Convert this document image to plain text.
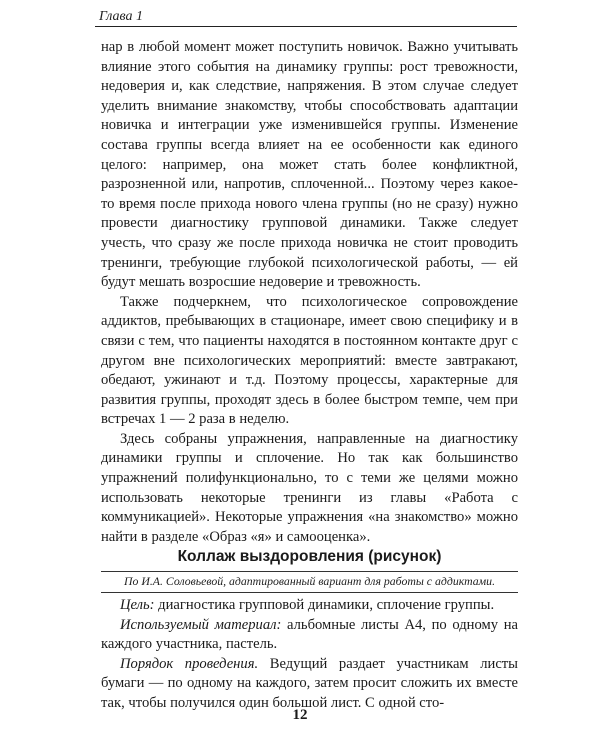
Глава 1

нар в любой момент может поступить новичок. Важно учитывать влияние этого события на динамику группы: рост тревожности, недоверия и, как следствие, напряжения. В этом случае следует уделить внимание знакомству, чтобы способствовать адаптации новичка и интеграции уже изменившейся группы. Изменение состава группы всегда влияет на ее особенности как единого целого: например, она может стать более конфликтной, разрозненной или, напротив, сплоченной... Поэтому через какое-то время после прихода нового члена группы (но не сразу) нужно провести диагностику групповой динамики. Также следует учесть, что сразу же после прихода новичка не стоит проводить тренинги, требующие глубокой психологической работы, — ей будут мешать возросшие недоверие и тревожность.

Также подчеркнем, что психологическое сопровождение аддиктов, пребывающих в стационаре, имеет свою специфику и в связи с тем, что пациенты находятся в постоянном контакте друг с другом вне психологических мероприятий: вместе завтракают, обедают, ужинают и т.д. Поэтому процессы, характерные для развития группы, проходят здесь в более быстром темпе, чем при встречах 1 — 2 раза в неделю.

Здесь собраны упражнения, направленные на диагностику динамики группы и сплочение. Но так как большинство упражнений полифункционально, то с теми же целями можно использовать некоторые тренинги из главы «Работа с коммуникацией». Некоторые упражнения «на знакомство» можно найти в разделе «Образ «я» и самооценка».

Коллаж выздоровления (рисунок)
По И.А. Соловьевой, адаптированный вариант для работы с аддиктами.

Цель: диагностика групповой динамики, сплочение группы.

Используемый материал: альбомные листы А4, по одному на каждого участника, пастель.

Порядок проведения. Ведущий раздает участникам листы бумаги — по одному на каждого, затем просит сложить их вместе так, чтобы получился один большой лист. С одной сто-

12
